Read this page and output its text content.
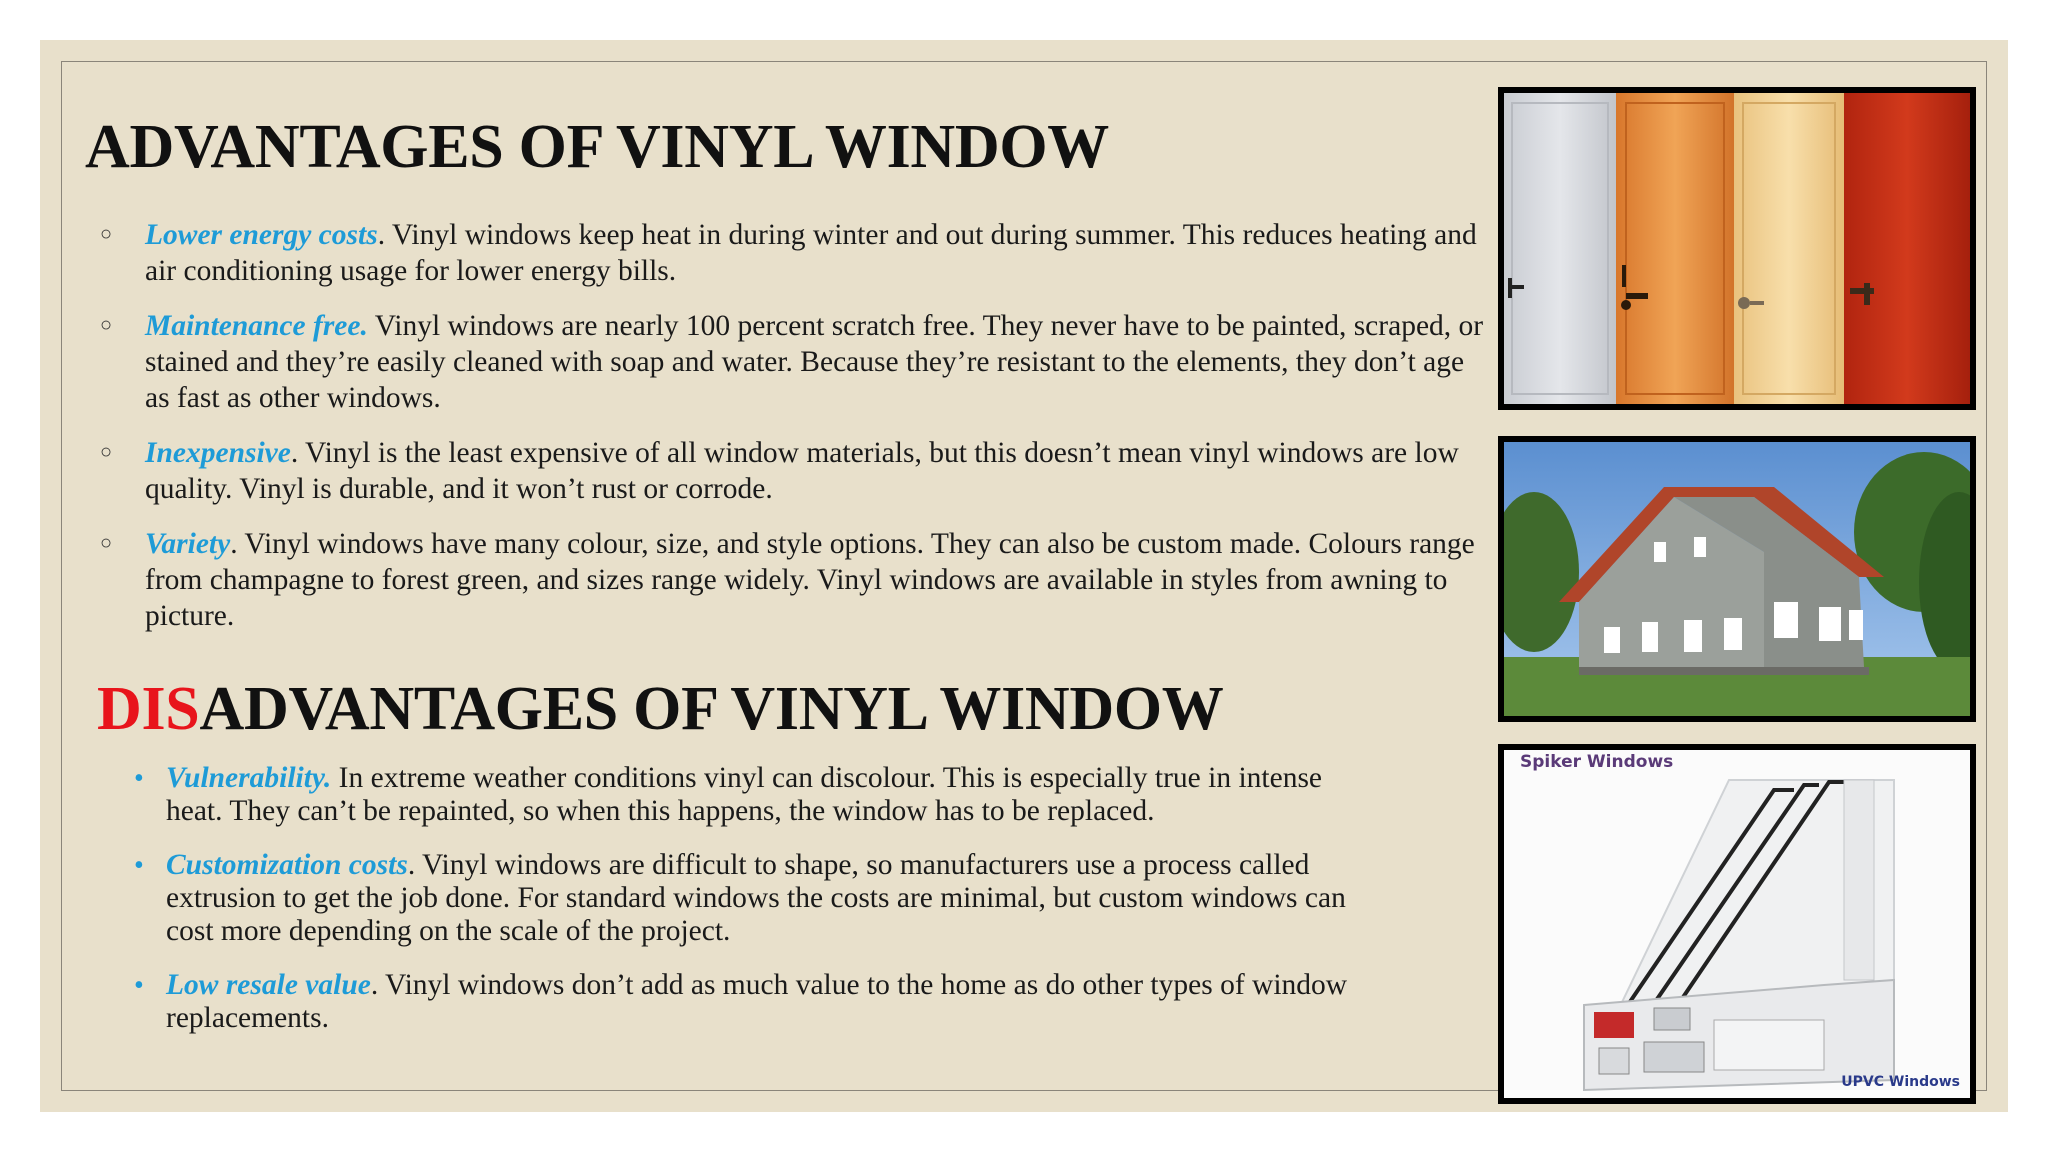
ADVANTAGES OF VINYL WINDOW
○ Lower energy costs. Vinyl windows keep heat in during winter and out during summer. This reduces heating and air conditioning usage for lower energy bills.
○ Maintenance free. Vinyl windows are nearly 100 percent scratch free. They never have to be painted, scraped, or stained and they’re easily cleaned with soap and water. Because they’re resistant to the elements, they don’t age as fast as other windows.
○ Inexpensive. Vinyl is the least expensive of all window materials, but this doesn’t mean vinyl windows are low quality. Vinyl is durable, and it won’t rust or corrode.
○ Variety. Vinyl windows have many colour, size, and style options. They can also be custom made. Colours range from champagne to forest green, and sizes range widely. Vinyl windows are available in styles from awning to picture.
DISADVANTAGES OF VINYL WINDOW
• Vulnerability. In extreme weather conditions vinyl can discolour. This is especially true in intense heat. They can’t be repainted, so when this happens, the window has to be replaced.
• Customization costs. Vinyl windows are difficult to shape, so manufacturers use a process called extrusion to get the job done. For standard windows the costs are minimal, but custom windows can cost more depending on the scale of the project.
• Low resale value. Vinyl windows don’t add as much value to the home as do other types of window replacements.
Spiker Windows
UPVC Windows
